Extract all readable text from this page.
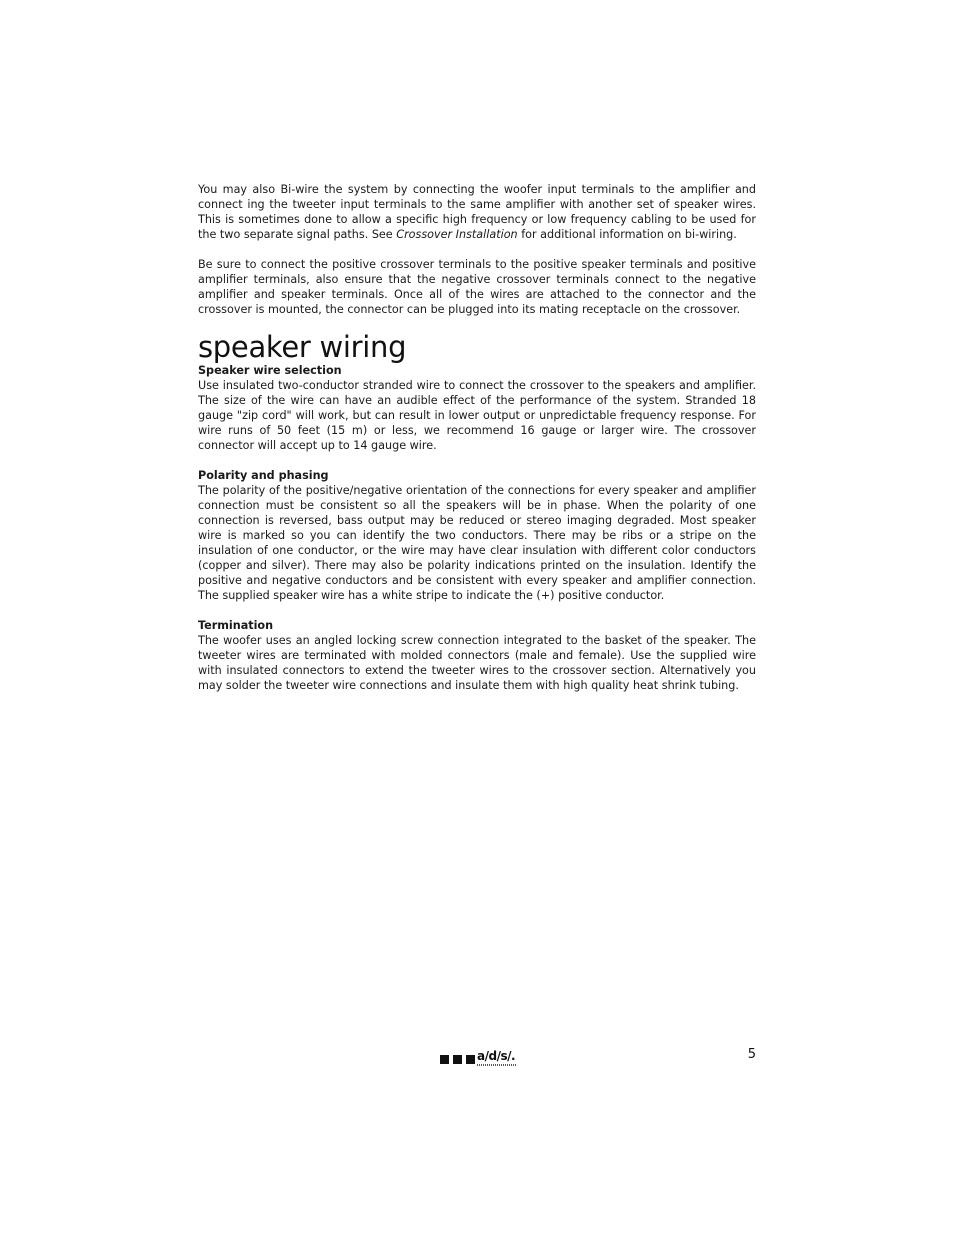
You may also Bi-wire the system by connecting the woofer input terminals to the amplifier and connect ing the tweeter input terminals to the same amplifier with another set of speaker wires. This is sometimes done to allow a specific high frequency or low frequency cabling to be used for the two separate signal paths. See Crossover Installation for additional information on bi-wiring.

Be sure to connect the positive crossover terminals to the positive speaker terminals and positive amplifier terminals, also ensure that the negative crossover terminals connect to the negative amplifier and speaker terminals. Once all of the wires are attached to the connector and the crossover is mounted, the connector can be plugged into its mating receptacle on the crossover.

speaker wiring
Speaker wire selection

Use insulated two-conductor stranded wire to connect the crossover to the speakers and amplifier. The size of the wire can have an audible effect of the performance of the system. Stranded 18 gauge "zip cord" will work, but can result in lower output or unpredictable frequency response. For wire runs of 50 feet (15 m) or less, we recommend 16 gauge or larger wire. The crossover connector will accept up to 14 gauge wire.

Polarity and phasing

The polarity of the positive/negative orientation of the connections for every speaker and amplifier connection must be consistent so all the speakers will be in phase. When the polarity of one connection is reversed, bass output may be reduced or stereo imaging degraded. Most speaker wire is marked so you can identify the two conductors. There may be ribs or a stripe on the insulation of one conductor, or the wire may have clear insulation with different color conductors (copper and silver). There may also be polarity indications printed on the insulation. Identify the positive and negative conductors and be consistent with every speaker and amplifier connection. The supplied speaker wire has a white stripe to indicate the (+) positive conductor.

Termination

The woofer uses an angled locking screw connection integrated to the basket of the speaker. The tweeter wires are terminated with molded connectors (male and female). Use the supplied wire with insulated connectors to extend the tweeter wires to the crossover section. Alternatively you may solder the tweeter wire connections and insulate them with high quality heat shrink tubing.

a/d/s/.	5
